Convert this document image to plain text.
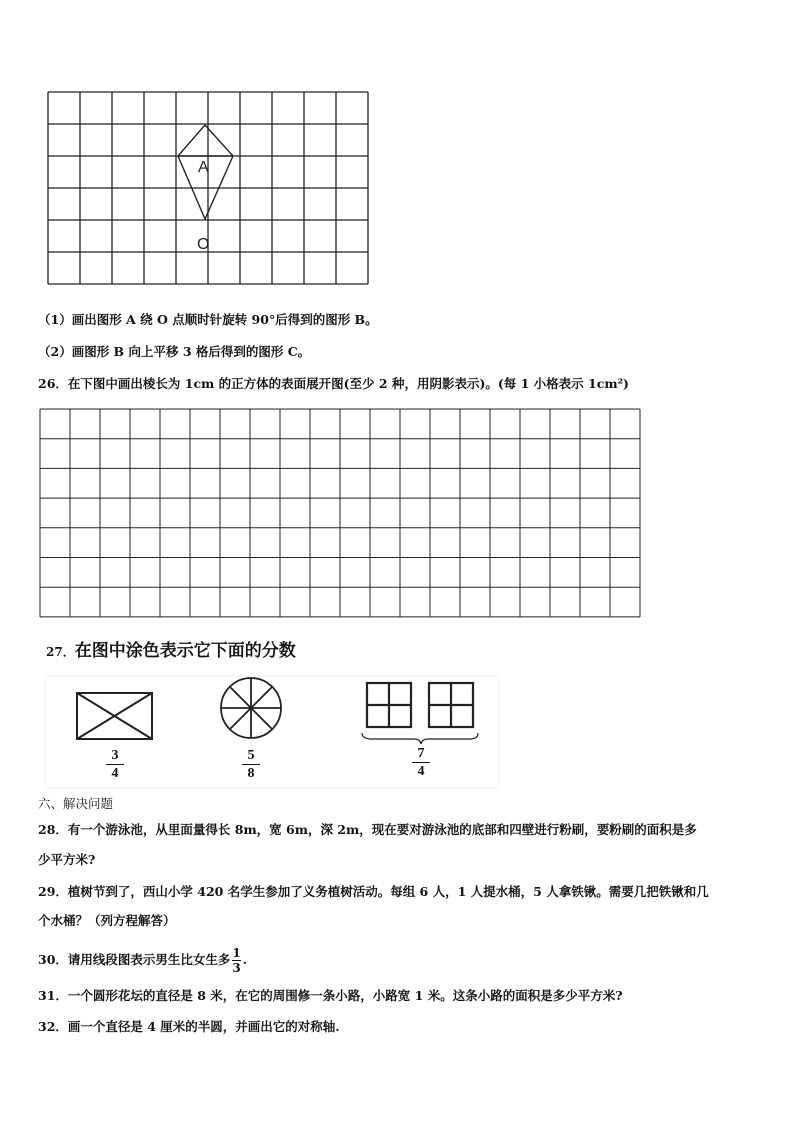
A
O
（1）画出图形 A 绕 O 点顺时针旋转 90°后得到的图形 B。
（2）画图形 B 向上平移 3 格后得到的图形 C。
26．在下图中画出棱长为 1cm 的正方体的表面展开图(至少 2 种，用阴影表示)。(每 1 小格表示 1cm²)
27．在图中涂色表示它下面的分数
3
4
5
8
7
4
六、解决问题
28．有一个游泳池，从里面量得长 8m，宽 6m，深 2m，现在要对游泳池的底部和四壁进行粉刷，要粉刷的面积是多
少平方米?
29．植树节到了，西山小学 420 名学生参加了义务植树活动。每组 6 人，1 人提水桶，5 人拿铁锹。需要几把铁锹和几
个水桶？（列方程解答）
30．请用线段图表示男生比女生多 $\frac{1}{3}$ .
31．一个圆形花坛的直径是 8 米，在它的周围修一条小路，小路宽 1 米。这条小路的面积是多少平方米?
32．画一个直径是 4 厘米的半圆，并画出它的对称轴.
